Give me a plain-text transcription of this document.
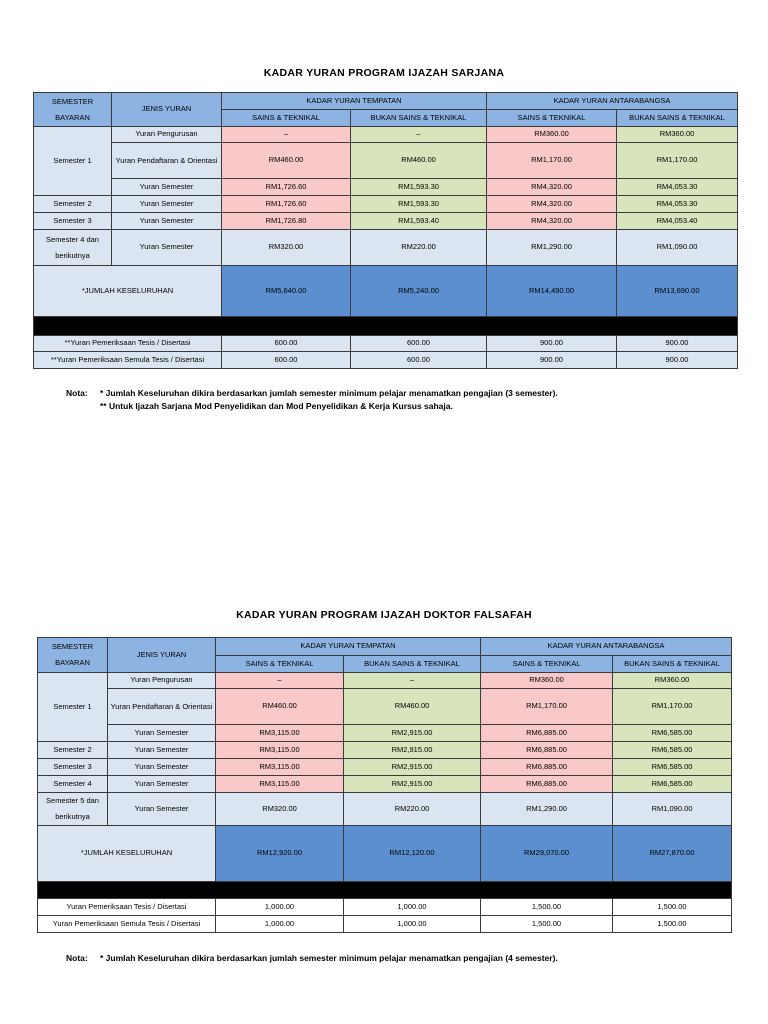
KADAR YURAN PROGRAM IJAZAH SARJANA
SEMESTER BAYARAN	JENIS YURAN	KADAR YURAN TEMPATAN		KADAR YURAN ANTARABANGSA	
		SAINS & TEKNIKAL	BUKAN SAINS & TEKNIKAL	SAINS & TEKNIKAL	BUKAN SAINS & TEKNIKAL
Semester 1	Yuran Pengurusan	–	–	RM360.00	RM360.00
	Yuran Pendaftaran & Orientasi	RM460.00	RM460.00	RM1,170.00	RM1,170.00
	Yuran Semester	RM1,726.60	RM1,593.30	RM4,320.00	RM4,053.30
Semester 2	Yuran Semester	RM1,726.60	RM1,593.30	RM4,320.00	RM4,053.30
Semester 3	Yuran Semester	RM1,726.80	RM1,593.40	RM4,320.00	RM4,053.40
Semester 4 dan berikutnya	Yuran Semester	RM320.00	RM220.00	RM1,290.00	RM1,090.00
*JUMLAH KESELURUHAN		RM5,640.00	RM5,240.00	RM14,490.00	RM13,690.00

**Yuran Pemeriksaan Tesis / Disertasi		600.00	600.00	900.00	900.00
**Yuran Pemeriksaan Semula Tesis / Disertasi		600.00	600.00	900.00	900.00
Nota: * Jumlah Keseluruhan dikira berdasarkan jumlah semester minimum pelajar menamatkan pengajian (3 semester).
** Untuk Ijazah Sarjana Mod Penyelidikan dan Mod Penyelidikan & Kerja Kursus sahaja.
KADAR YURAN PROGRAM IJAZAH DOKTOR FALSAFAH
SEMESTER BAYARAN	JENIS YURAN	KADAR YURAN TEMPATAN		KADAR YURAN ANTARABANGSA	
		SAINS & TEKNIKAL	BUKAN SAINS & TEKNIKAL	SAINS & TEKNIKAL	BUKAN SAINS & TEKNIKAL
Semester 1	Yuran Pengurusan	–	–	RM360.00	RM360.00
	Yuran Pendaftaran & Orientasi	RM460.00	RM460.00	RM1,170.00	RM1,170.00
	Yuran Semester	RM3,115.00	RM2,915.00	RM6,885.00	RM6,585.00
Semester 2	Yuran Semester	RM3,115.00	RM2,915.00	RM6,885.00	RM6,585.00
Semester 3	Yuran Semester	RM3,115.00	RM2,915.00	RM6,885.00	RM6,585.00
Semester 4	Yuran Semester	RM3,115.00	RM2,915.00	RM6,885.00	RM6,585.00
Semester 5 dan berikutnya	Yuran Semester	RM320.00	RM220.00	RM1,290.00	RM1,090.00
*JUMLAH KESELURUHAN		RM12,920.00	RM12,120.00	RM29,070.00	RM27,870.00

Yuran Pemeriksaan Tesis / Disertasi		1,000.00	1,000.00	1,500.00	1,500.00
Yuran Pemeriksaan Semula Tesis / Disertasi		1,000.00	1,000.00	1,500.00	1,500.00
Nota: * Jumlah Keseluruhan dikira berdasarkan jumlah semester minimum pelajar menamatkan pengajian (4 semester).
